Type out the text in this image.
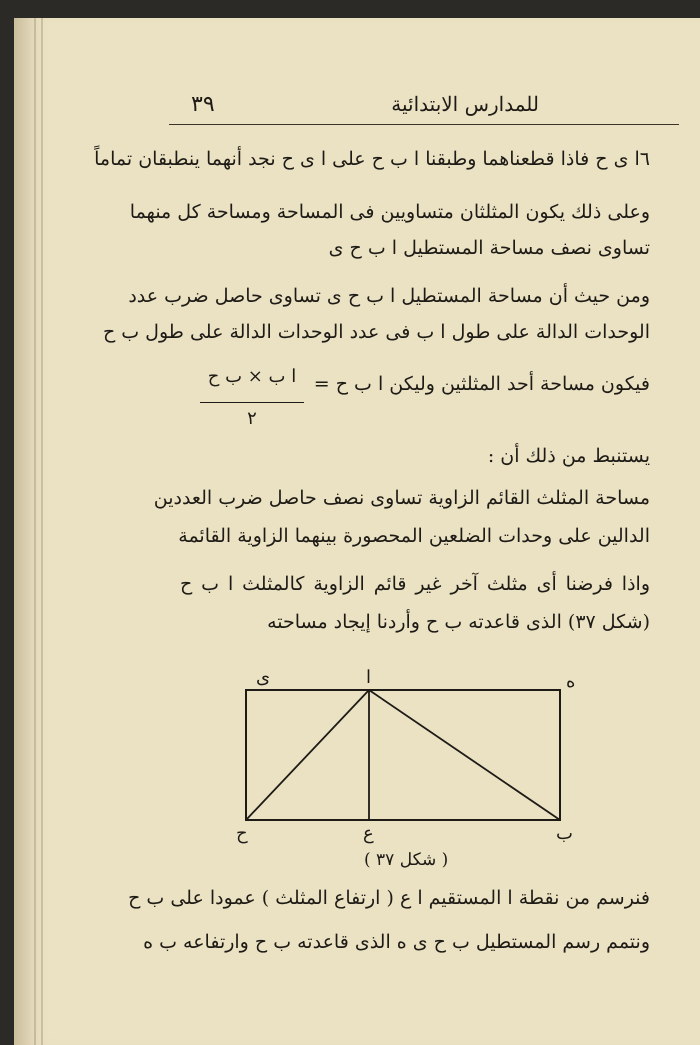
٣٩	للمدارس الابتدائية
٦ا ى ح فاذا قطعناهما وطبقنا ا ب ح على ا ى ح نجد أنهما ينطبقان تماماً
وعلى ذلك يكون المثلثان متساويين فى المساحة ومساحة كل منهما
تساوى نصف مساحة المستطيل ا ب ح ى
ومن حيث أن مساحة المستطيل ا ب ح ى تساوى حاصل ضرب عدد
الوحدات الدالة على طول ا ب فى عدد الوحدات الدالة على طول ب ح
فيكون مساحة أحد المثلثين وليكن ا ب ح =
ا ب × ب ح
٢
يستنبط من ذلك أن :
مساحة المثلث القائم الزاوية تساوى نصف حاصل ضرب العددين
الدالين على وحدات الضلعين المحصورة بينهما الزاوية القائمة
واذا فرضنا أى مثلث آخر غير قائم الزاوية كالمثلث ا ب ح
(شكل ٣٧) الذى قاعدته ب ح وأردنا إيجاد مساحته
ى	ا	ه
ح	ع	ب
( شكل ٣٧ )
فنرسم من نقطة ا المستقيم ا ع ( ارتفاع المثلث ) عمودا على ب ح
ونتمم رسم المستطيل ب ح ى ه الذى قاعدته ب ح وارتفاعه ب ه
